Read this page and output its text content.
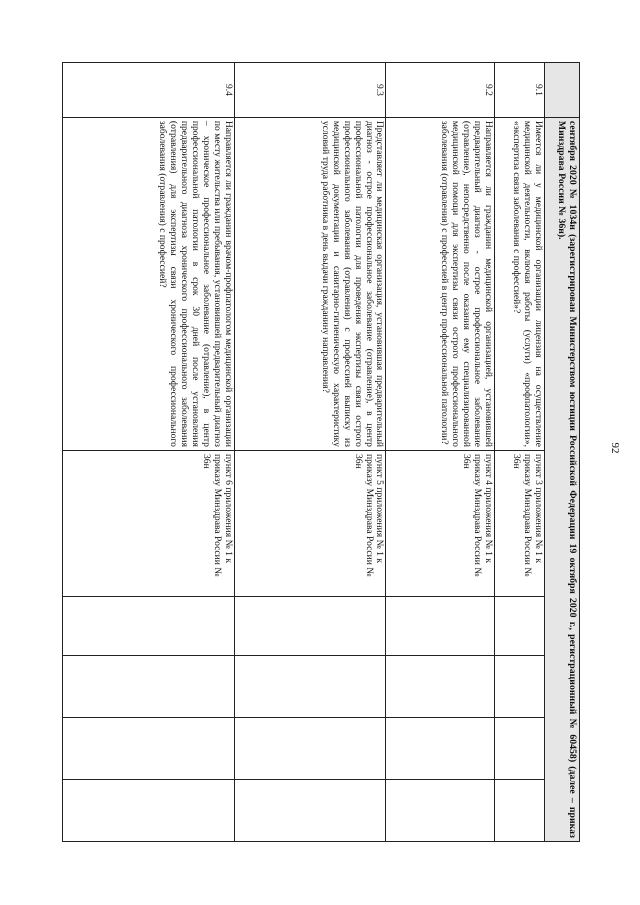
92
сентября 2020 № 1034н (зарегистрирован Министерством юстиции Российской Федерации 19 октября 2020 г., регистрационный № 60458) (далее – приказ Минздрава России № 36н).
9.1
Имеется ли у медицинской организации лицензия на осуществление медицинской деятельности, включая работы (услуги) «профпатологии», «экспертиза связи заболевания с профессией»?
пункт 3 приложения № 1 к приказу Минздрава России № 36н
9.2
Направляется ли гражданин медицинской организацией, установившей предварительный диагноз - острое профессиональное заболевание (отравление), непосредственно после оказания ему специализированной медицинской помощи для экспертизы связи острого профессионального заболевания (отравления) с профессией в центр профессиональной патологии?
пункт 4 приложения № 1 к приказу Минздрава России № 36н
9.3
Представляет ли медицинская организация, установившая предварительный диагноз - острое профессиональное заболевание (отравление), в центр профессиональной патологии для проведения экспертизы связи острого профессионального заболевания (отравления) с профессией выписку из медицинской документации и санитарно-гигиеническую характеристику условий труда работника в день выдачи гражданину направления?
пункт 5 приложения № 1 к приказу Минздрава России № 36н
9.4
Направляется ли гражданин врачом-профпатологом медицинской организации по месту жительства или пребывания, установившей предварительный диагноз – хроническое профессиональное заболевание (отравление), в центр профессиональной патологии в срок 30 дней после установления предварительного диагноза хронического профессионального заболевания (отравления) для экспертизы связи хронического профессионального заболевания (отравления) с профессией?
пункт 6 приложения № 1 к приказу Минздрава России № 36н
